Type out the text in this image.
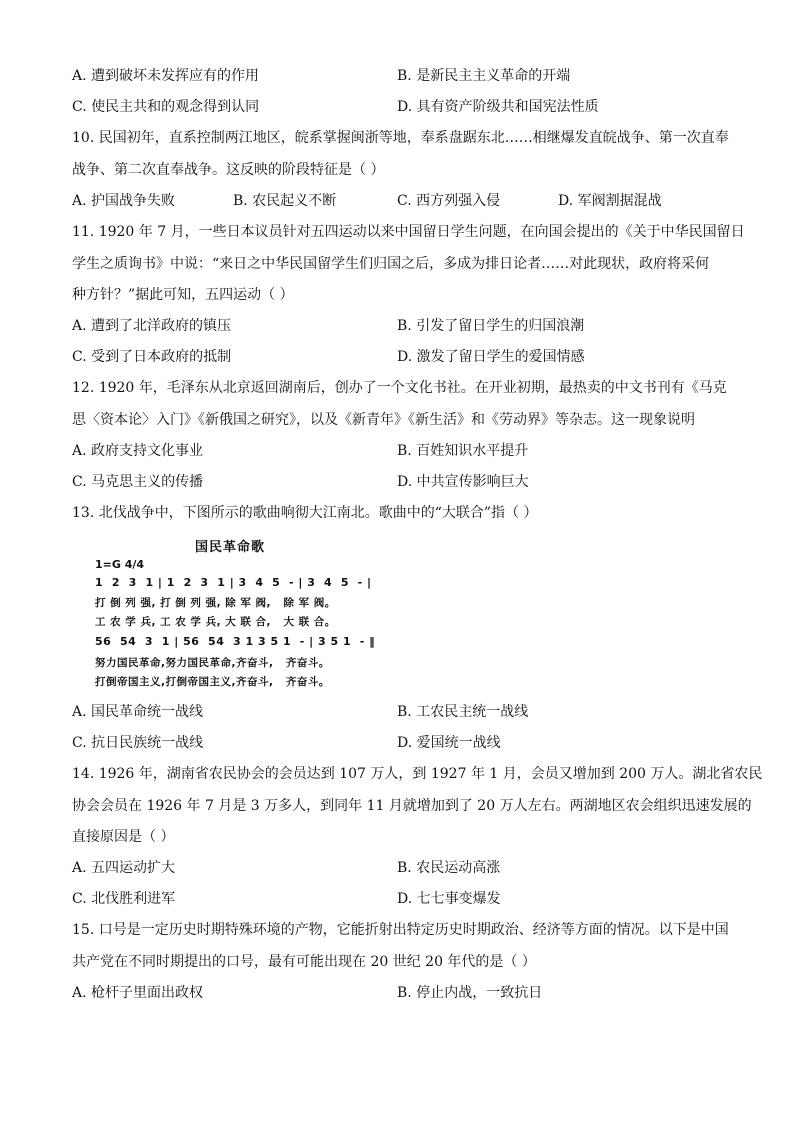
A. 遭到破坏未发挥应有的作用	B. 是新民主主义革命的开端
C. 使民主共和的观念得到认同	D. 具有资产阶级共和国宪法性质
10. 民国初年，直系控制两江地区，皖系掌握闽浙等地，奉系盘踞东北……相继爆发直皖战争、第一次直奉
战争、第二次直奉战争。这反映的阶段特征是（ ）
A. 护国战争失败	B. 农民起义不断	C. 西方列强入侵	D. 军阀割据混战
11. 1920 年 7 月，一些日本议员针对五四运动以来中国留日学生问题，在向国会提出的《关于中华民国留日
学生之质询书》中说：“来日之中华民国留学生们归国之后，多成为排日论者……对此现状，政府将采何
种方针？”据此可知，五四运动（ ）
A. 遭到了北洋政府的镇压	B. 引发了留日学生的归国浪潮
C. 受到了日本政府的抵制	D. 激发了留日学生的爱国情感
12. 1920 年，毛泽东从北京返回湖南后，创办了一个文化书社。在开业初期，最热卖的中文书刊有《马克
思〈资本论〉入门》《新俄国之研究》，以及《新青年》《新生活》和《劳动界》等杂志。这一现象说明
A. 政府支持文化事业	B. 百姓知识水平提升
C. 马克思主义的传播	D. 中共宣传影响巨大
13. 北伐战争中，下图所示的歌曲响彻大江南北。歌曲中的“大联合”指（ ）
国民革命歌
1=G 4/4
1  2  3  1 | 1  2  3  1 | 3  4  5  - | 3  4  5  - |
打 倒 列 强, 打 倒 列 强, 除 军 阀,   除 军 阀。
工 农 学 兵, 工 农 学 兵, 大 联 合,   大 联 合。
56  54  3  1 | 56  54  3 1 3 5 1  - | 3 5 1  - ‖
努力国民革命,努力国民革命,齐奋斗,   齐奋斗。
打倒帝国主义,打倒帝国主义,齐奋斗,   齐奋斗。
A. 国民革命统一战线	B. 工农民主统一战线
C. 抗日民族统一战线	D. 爱国统一战线
14. 1926 年，湖南省农民协会的会员达到 107 万人，到 1927 年 1 月，会员又增加到 200 万人。湖北省农民
协会会员在 1926 年 7 月是 3 万多人，到同年 11 月就增加到了 20 万人左右。两湖地区农会组织迅速发展的
直接原因是（ ）
A. 五四运动扩大	B. 农民运动高涨
C. 北伐胜利进军	D. 七七事变爆发
15. 口号是一定历史时期特殊环境的产物，它能折射出特定历史时期政治、经济等方面的情况。以下是中国
共产党在不同时期提出的口号，最有可能出现在 20 世纪 20 年代的是（ ）
A. 枪杆子里面出政权	B. 停止内战，一致抗日
